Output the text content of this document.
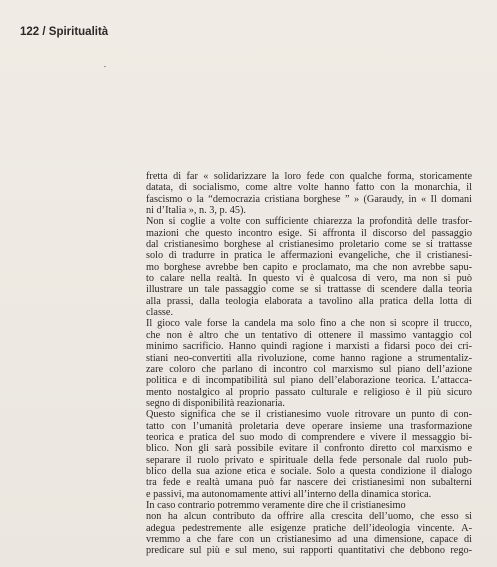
122 / Spiritualità
fretta di far « solidarizzare la loro fede con qualche forma, storicamente
datata, di socialismo, come altre volte hanno fatto con la monarchia, il
fascismo o la “democrazia cristiana borghese ” » (Garaudy, in « Il domani
ni d’Italia », n. 3, p. 45).
Non si coglie a volte con sufficiente chiarezza la profondità delle trasfor-
mazioni che questo incontro esige. Si affronta il discorso del passaggio
dal cristianesimo borghese al cristianesimo proletario come se si trattasse
solo di tradurre in pratica le affermazioni evangeliche, che il cristianesi-
mo borghese avrebbe ben capito e proclamato, ma che non avrebbe sapu-
to calare nella realtà. In questo vi è qualcosa di vero, ma non si può
illustrare un tale passaggio come se si trattasse di scendere dalla teoria
alla prassi, dalla teologia elaborata a tavolino alla pratica della lotta di
classe.
Il gioco vale forse la candela ma solo fino a che non si scopre il trucco,
che non è altro che un tentativo di ottenere il massimo vantaggio col
minimo sacrificio. Hanno quindi ragione i marxisti a fidarsi poco dei cri-
stiani neo-convertiti alla rivoluzione, come hanno ragione a strumentaliz-
zare coloro che parlano di incontro col marxismo sul piano dell’azione
politica e di incompatibilità sul piano dell’elaborazione teorica. L’attacca-
mento nostalgico al proprio passato culturale e religioso è il più sicuro
segno di disponibilità reazionaria.
Questo significa che se il cristianesimo vuole ritrovare un punto di con-
tatto con l’umanità proletaria deve operare insieme una trasformazione
teorica e pratica del suo modo di comprendere e vivere il messaggio bi-
blico. Non gli sarà possibile evitare il confronto diretto col marxismo e
separare il ruolo privato e spirituale della fede personale dal ruolo pub-
blico della sua azione etica e sociale. Solo a questa condizione il dialogo
tra fede e realtà umana può far nascere dei cristianesimi non subalterni
e passivi, ma autonomamente attivi all’interno della dinamica storica.
In caso contrario potremmo veramente dire che il cristianesimo
non ha alcun contributo da offrire alla crescita dell’uomo, che esso si
adegua pedestremente alle esigenze pratiche dell’ideologia vincente. A-
vremmo a che fare con un cristianesimo ad una dimensione, capace di
predicare sul più e sul meno, sui rapporti quantitativi che debbono rego-
